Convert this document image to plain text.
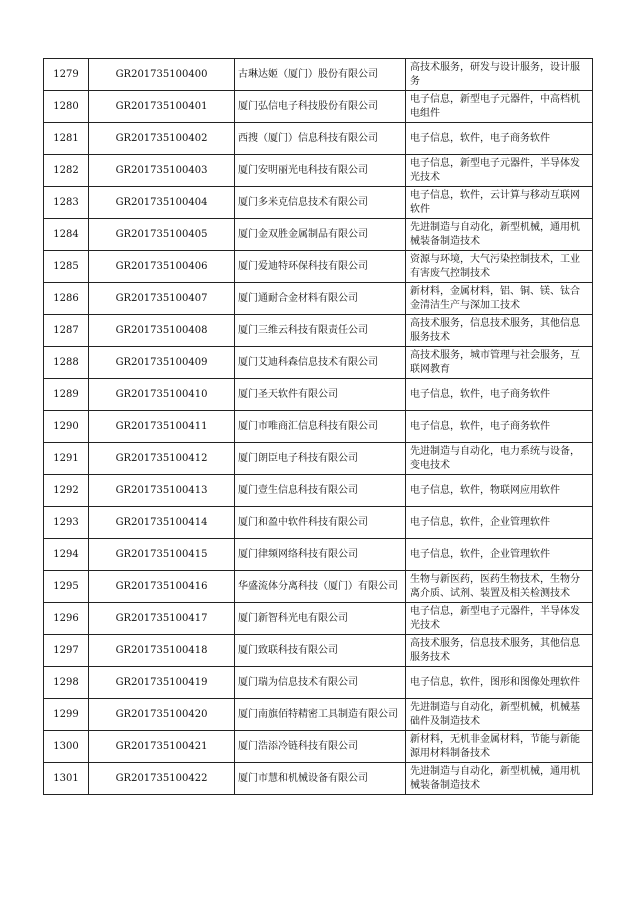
1279	GR201735100400	古琳达姬（厦门）股份有限公司	高技术服务，研发与设计服务，设计服务

1280	GR201735100401	厦门弘信电子科技股份有限公司	电子信息，新型电子元器件，中高档机电组件

1281	GR201735100402	西搜（厦门）信息科技有限公司	电子信息，软件，电子商务软件

1282	GR201735100403	厦门安明丽光电科技有限公司	电子信息，新型电子元器件，半导体发光技术

1283	GR201735100404	厦门多米克信息技术有限公司	电子信息，软件，云计算与移动互联网软件

1284	GR201735100405	厦门金双胜金属制品有限公司	先进制造与自动化，新型机械，通用机械装备制造技术

1285	GR201735100406	厦门爱迪特环保科技有限公司	资源与环境，大气污染控制技术，工业有害废气控制技术

1286	GR201735100407	厦门通耐合金材料有限公司	新材料，金属材料，铝、铜、镁、钛合金清洁生产与深加工技术

1287	GR201735100408	厦门三维云科技有限责任公司	高技术服务，信息技术服务，其他信息服务技术

1288	GR201735100409	厦门艾迪科森信息技术有限公司	高技术服务，城市管理与社会服务，互联网教育

1289	GR201735100410	厦门圣天软件有限公司	电子信息，软件，电子商务软件

1290	GR201735100411	厦门市唯商汇信息科技有限公司	电子信息，软件，电子商务软件

1291	GR201735100412	厦门朗臣电子科技有限公司	先进制造与自动化，电力系统与设备，变电技术

1292	GR201735100413	厦门壹生信息科技有限公司	电子信息，软件，物联网应用软件

1293	GR201735100414	厦门和盈中软件科技有限公司	电子信息，软件，企业管理软件

1294	GR201735100415	厦门律频网络科技有限公司	电子信息，软件，企业管理软件

1295	GR201735100416	华盛流体分离科技（厦门）有限公司	生物与新医药，医药生物技术，生物分离介质、试剂、装置及相关检测技术

1296	GR201735100417	厦门新智科光电有限公司	电子信息，新型电子元器件，半导体发光技术

1297	GR201735100418	厦门致联科技有限公司	高技术服务，信息技术服务，其他信息服务技术

1298	GR201735100419	厦门瑞为信息技术有限公司	电子信息，软件，图形和图像处理软件

1299	GR201735100420	厦门南旗佰特精密工具制造有限公司	先进制造与自动化，新型机械，机械基础件及制造技术

1300	GR201735100421	厦门浩添冷链科技有限公司	新材料，无机非金属材料，节能与新能源用材料制备技术

1301	GR201735100422	厦门市慧和机械设备有限公司	先进制造与自动化，新型机械，通用机械装备制造技术
